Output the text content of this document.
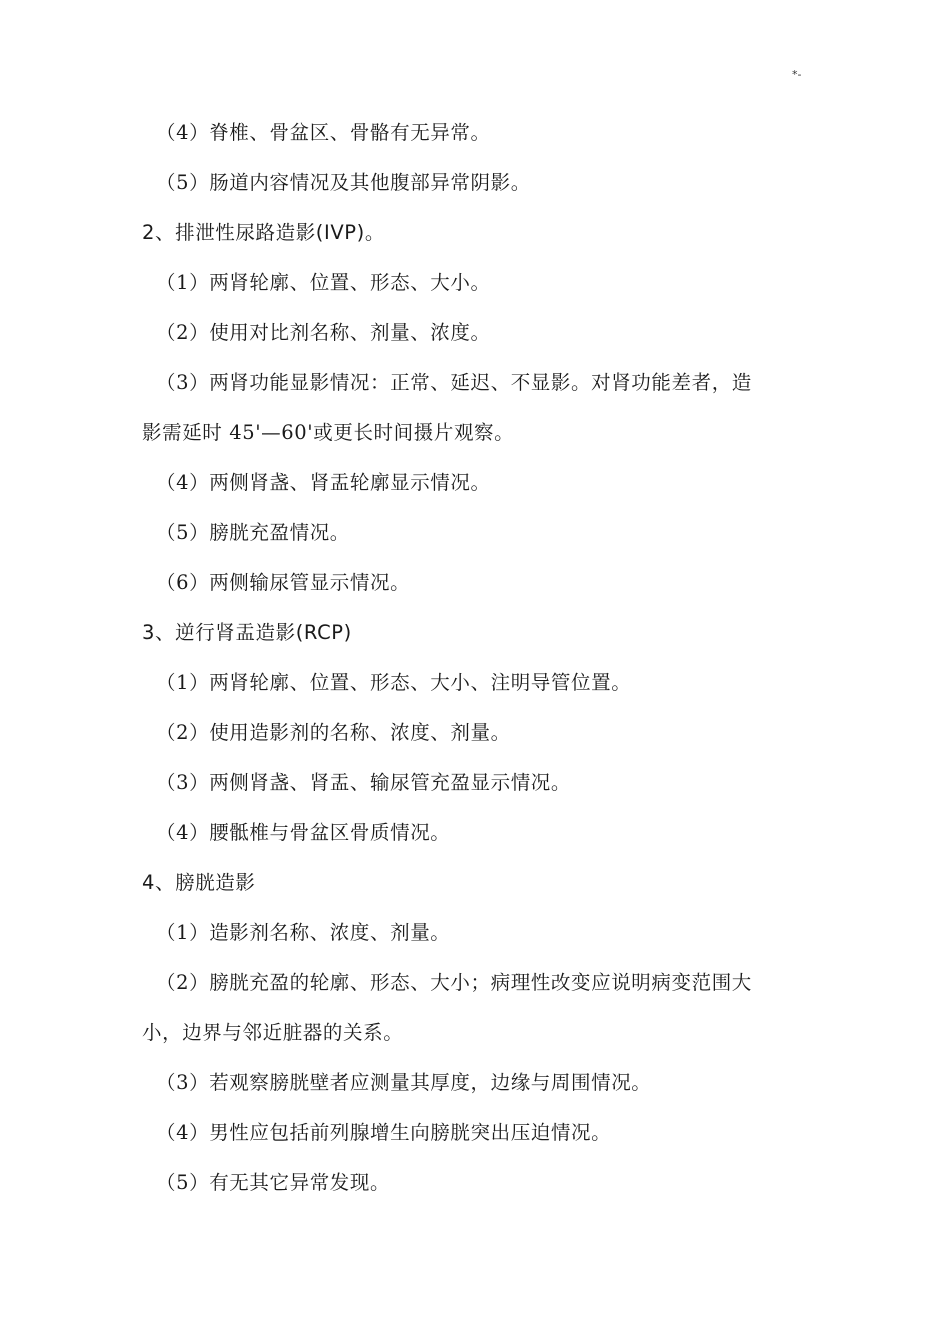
*-
（4）脊椎、骨盆区、骨骼有无异常。
（5）肠道内容情况及其他腹部异常阴影。
2、排泄性尿路造影(IVP)。
（1）两肾轮廓、位置、形态、大小。
（2）使用对比剂名称、剂量、浓度。
（3）两肾功能显影情况：正常、延迟、不显影。对肾功能差者，造
影需延时 45'—60'或更长时间摄片观察。
（4）两侧肾盏、肾盂轮廓显示情况。
（5）膀胱充盈情况。
（6）两侧输尿管显示情况。
3、逆行肾盂造影(RCP)
（1）两肾轮廓、位置、形态、大小、注明导管位置。
（2）使用造影剂的名称、浓度、剂量。
（3）两侧肾盏、肾盂、输尿管充盈显示情况。
（4）腰骶椎与骨盆区骨质情况。
4、膀胱造影
（1）造影剂名称、浓度、剂量。
（2）膀胱充盈的轮廓、形态、大小；病理性改变应说明病变范围大
小，边界与邻近脏器的关系。
（3）若观察膀胱壁者应测量其厚度，边缘与周围情况。
（4）男性应包括前列腺增生向膀胱突出压迫情况。
（5）有无其它异常发现。
